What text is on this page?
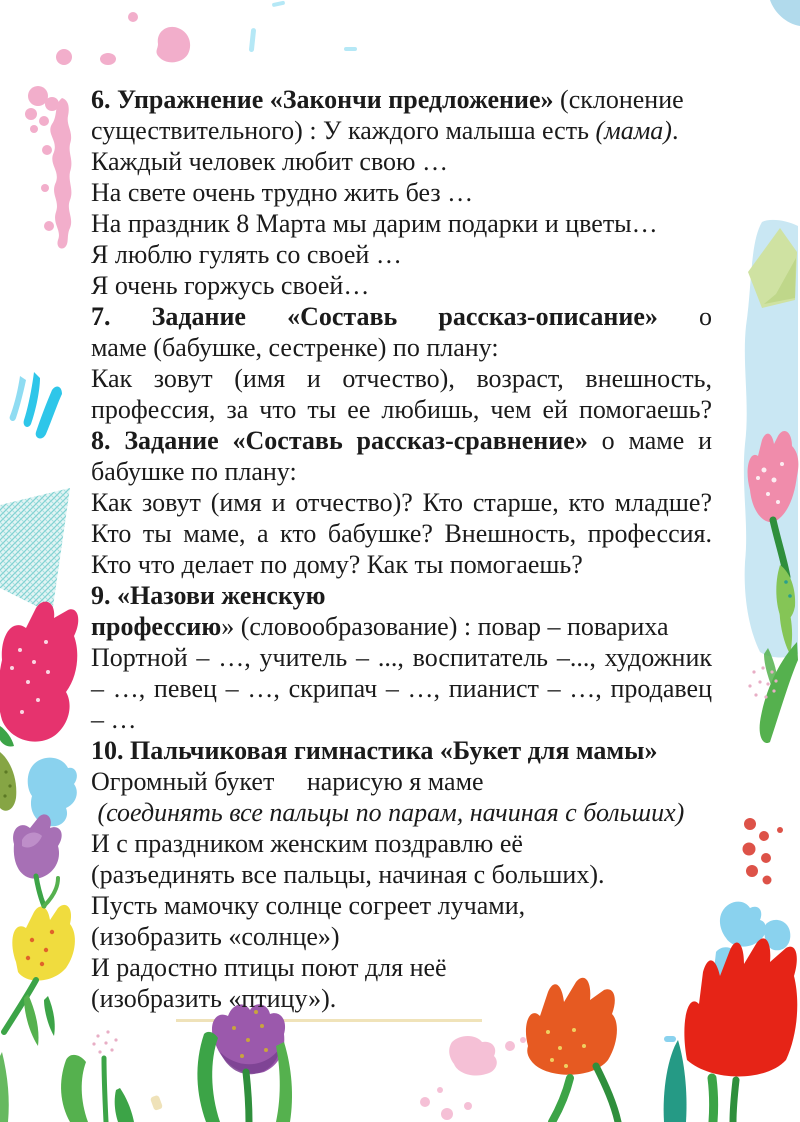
6. Упражнение «Закончи предложение» (склонение
существительного) : У каждого малыша есть (мама).
Каждый человек любит свою …
На свете очень трудно жить без …
На праздник 8 Марта мы дарим подарки и цветы…
Я люблю гулять со своей …
Я очень горжусь своей…
7. Задание «Составь рассказ-описание» о
маме (бабушке, сестренке) по плану:
Как зовут (имя и отчество), возраст, внешность,
профессия, за что ты ее любишь, чем ей помогаешь?
8. Задание «Составь рассказ-сравнение» о маме и
бабушке по плану:
Как зовут (имя и отчество)? Кто старше, кто младше?
Кто ты маме, а кто бабушке? Внешность, профессия.
Кто что делает по дому? Как ты помогаешь?
9. «Назови женскую
профессию» (словообразование) : повар – повариха
Портной – …, учитель – ..., воспитатель –..., художник
– …, певец – …, скрипач – …, пианист – …, продавец
– …
10. Пальчиковая гимнастика «Букет для мамы»
Огромный букет     нарисую я маме
(соединять все пальцы по парам, начиная с больших)
И с праздником женским поздравлю её
(разъединять все пальцы, начиная с больших).
Пусть мамочку солнце согреет лучами,
(изобразить «солнце»)
И радостно птицы поют для неё
(изобразить «птицу»).
